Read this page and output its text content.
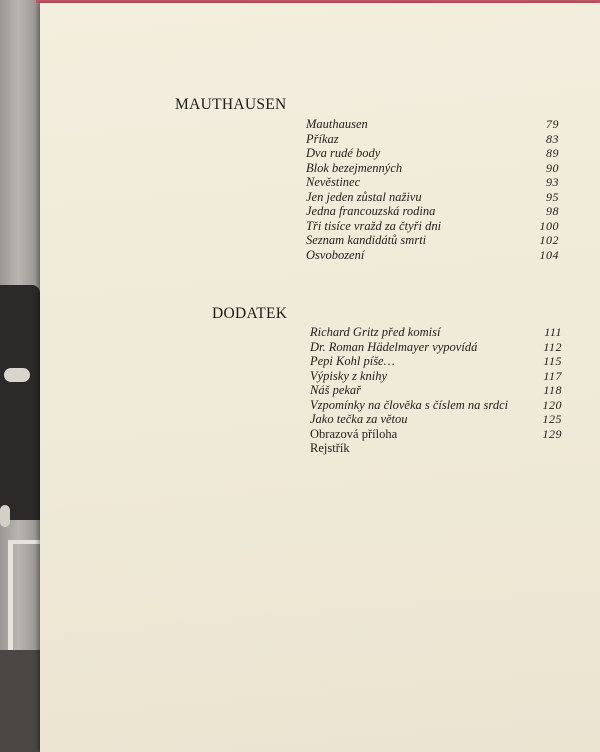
MAUTHAUSEN
Mauthausen	79
Příkaz	83
Dva rudé body	89
Blok bezejmenných	90
Nevěstinec	93
Jen jeden zůstal naživu	95
Jedna francouzská rodina	98
Tři tisíce vražd za čtyři dni	100
Seznam kandidátů smrti	102
Osvobození	104
DODATEK
Richard Gritz před komisí	111
Dr. Roman Hädelmayer vypovídá	112
Pepi Kohl píše…	115
Výpisky z knihy	117
Náš pekař	118
Vzpomínky na člověka s číslem na srdci	120
Jako tečka za větou	125
Obrazová příloha	129
Rejstřík
